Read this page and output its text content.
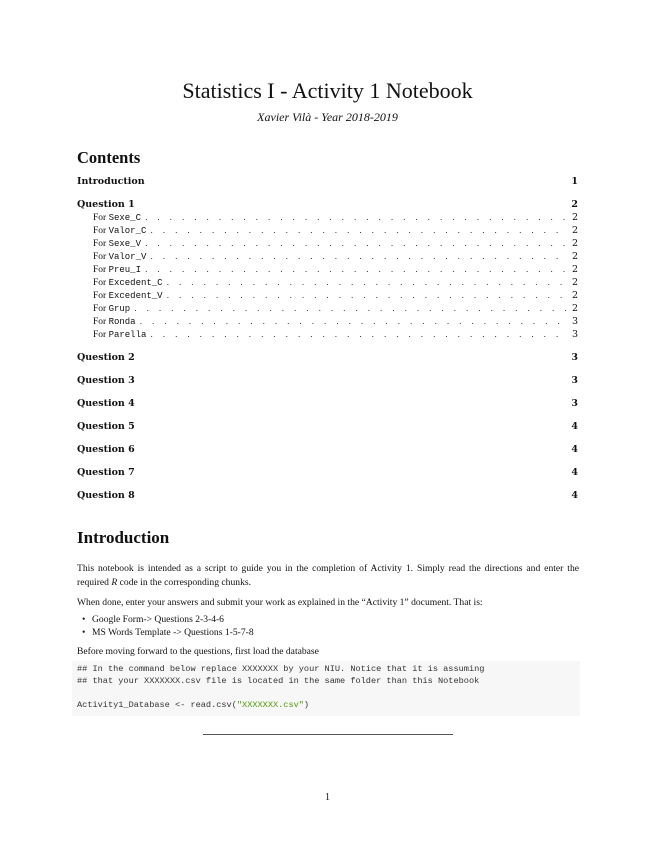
Statistics I - Activity 1 Notebook
Xavier Vilà - Year 2018-2019
Contents
Introduction	1
Question 1	2
For Sexe_C . . .	2
For Valor_C . . .	2
For Sexe_V . . .	2
For Valor_V . . .	2
For Preu_I . . .	2
For Excedent_C . . .	2
For Excedent_V . . .	2
For Grup . . .	2
For Ronda . . .	3
For Parella . . .	3
Question 2	3
Question 3	3
Question 4	3
Question 5	4
Question 6	4
Question 7	4
Question 8	4
Introduction
This notebook is intended as a script to guide you in the completion of Activity 1. Simply read the directions and enter the required R code in the corresponding chunks.
When done, enter your answers and submit your work as explained in the “Activity 1” document. That is:
• Google Form-> Questions 2-3-4-6
• MS Words Template -> Questions 1-5-7-8
Before moving forward to the questions, first load the database
## In the command below replace XXXXXXX by your NIU. Notice that it is assuming
## that your XXXXXXX.csv file is located in the same folder than this Notebook
Activity1_Database <- read.csv("XXXXXXX.csv")
1
